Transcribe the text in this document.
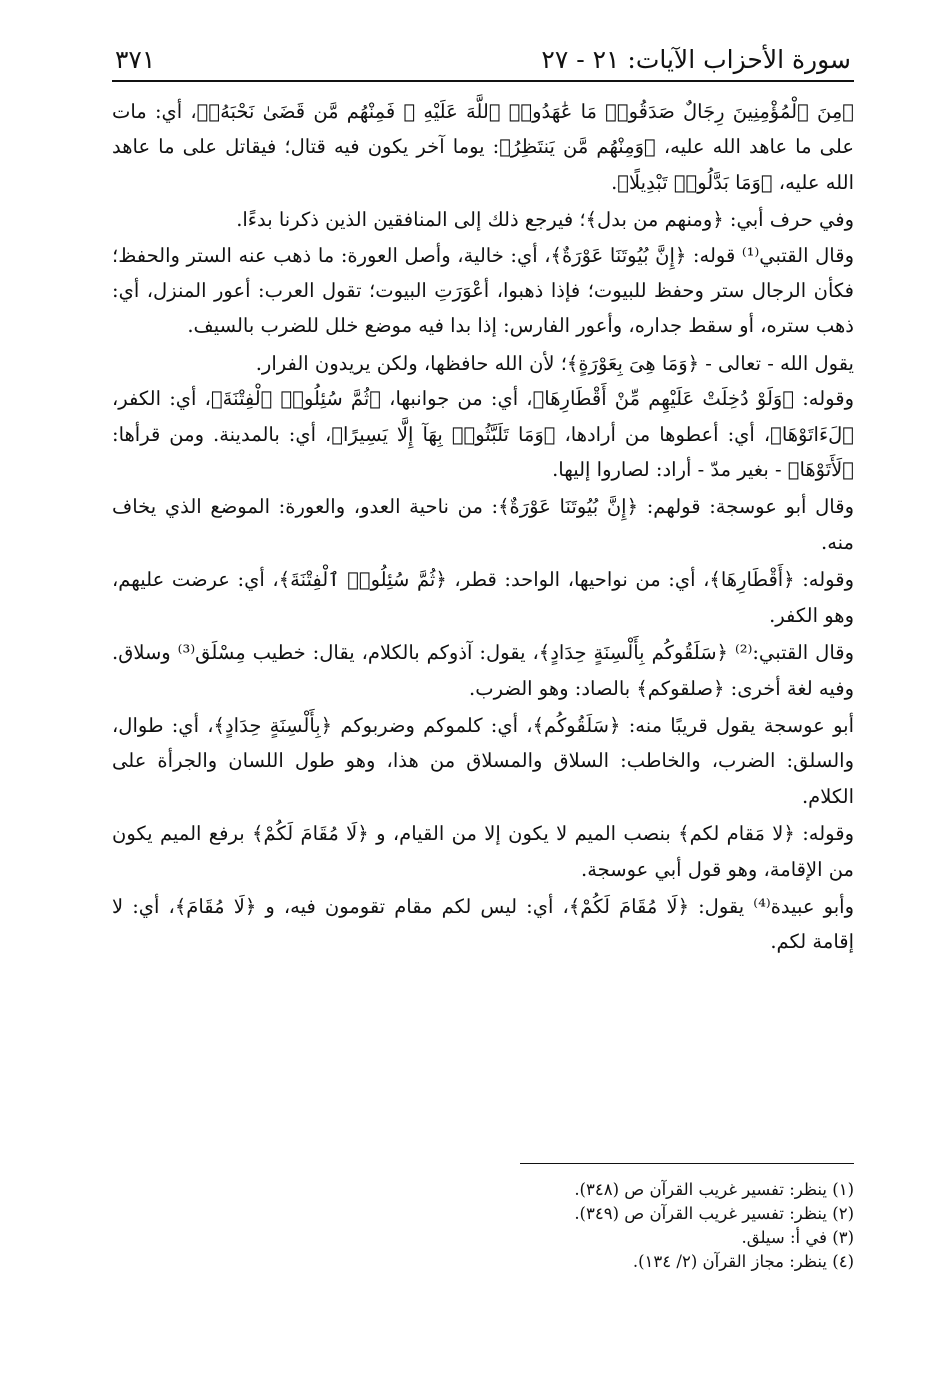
٣٧١	سورة الأحزاب الآيات: ٢١ - ٢٧

﴿مِنَ ٱلْمُؤْمِنِينَ رِجَالٌ صَدَقُوا۟ مَا عَٰهَدُوا۟ ٱللَّهَ عَلَيْهِ ۖ فَمِنْهُم مَّن قَضَىٰ نَحْبَهُۥ﴾، أي: مات على ما عاهد الله عليه، ﴿وَمِنْهُم مَّن يَنتَظِرُ﴾: يوما آخر يكون فيه قتال؛ فيقاتل على ما عاهد الله عليه، ﴿وَمَا بَدَّلُوا۟ تَبْدِيلًا﴾.

وفي حرف أبي: ﴿ومنهم من بدل﴾؛ فيرجع ذلك إلى المنافقين الذين ذكرنا بدءًا.

وقال القتبي⁽¹⁾ قوله: ﴿إِنَّ بُيُوتَنَا عَوْرَةٌ﴾، أي: خالية، وأصل العورة: ما ذهب عنه الستر والحفظ؛ فكأن الرجال ستر وحفظ للبيوت؛ فإذا ذهبوا، أعْوَرَتِ البيوت؛ تقول العرب: أعور المنزل، أي: ذهب ستره، أو سقط جداره، وأعور الفارس: إذا بدا فيه موضع خلل للضرب بالسيف.

يقول الله - تعالى - ﴿وَمَا هِىَ بِعَوْرَةٍ﴾؛ لأن الله حافظها، ولكن يريدون الفرار.

وقوله: ﴿وَلَوْ دُخِلَتْ عَلَيْهِم مِّنْ أَقْطَارِهَا﴾، أي: من جوانبها، ﴿ثُمَّ سُئِلُوا۟ ٱلْفِتْنَةَ﴾، أي: الكفر، ﴿لَءَاتَوْهَا﴾، أي: أعطوها من أرادها، ﴿وَمَا تَلَبَّثُوا۟ بِهَآ إِلَّا يَسِيرًا﴾، أي: بالمدينة. ومن قرأها: ﴿لَأَتَوْهَا﴾ - بغير مدّ - أراد: لصاروا إليها.

وقال أبو عوسجة: قولهم: ﴿إِنَّ بُيُوتَنَا عَوْرَةٌ﴾: من ناحية العدو، والعورة: الموضع الذي يخاف منه.

وقوله: ﴿أَقْطَارِهَا﴾، أي: من نواحيها، الواحد: قطر، ﴿ثُمَّ سُئِلُوا۟ ٱلْفِتْنَةَ﴾، أي: عرضت عليهم، وهو الكفر.

وقال القتبي:⁽²⁾ ﴿سَلَقُوكُم بِأَلْسِنَةٍ حِدَادٍ﴾، يقول: آذوكم بالكلام، يقال: خطيب مِسْلَق⁽³⁾ وسلاق. وفيه لغة أخرى: ﴿صلقوكم﴾ بالصاد: وهو الضرب.

أبو عوسجة يقول قريبًا منه: ﴿سَلَقُوكُم﴾، أي: كلموكم وضربوكم ﴿بِأَلْسِنَةٍ حِدَادٍ﴾، أي: طوال، والسلق: الضرب، والخاطب: السلاق والمسلاق من هذا، وهو طول اللسان والجرأة على الكلام.

وقوله: ﴿لا مَقام لكم﴾ بنصب الميم لا يكون إلا من القيام، و ﴿لَا مُقَامَ لَكُمْ﴾ برفع الميم يكون من الإقامة، وهو قول أبي عوسجة.

وأبو عبيدة⁽⁴⁾ يقول: ﴿لَا مُقَامَ لَكُمْ﴾، أي: ليس لكم مقام تقومون فيه، و ﴿لَا مُقَامَ﴾، أي: لا إقامة لكم.

(١) ينظر: تفسير غريب القرآن ص (٣٤٨).

(٢) ينظر: تفسير غريب القرآن ص (٣٤٩).

(٣) في أ: سيلق.

(٤) ينظر: مجاز القرآن (٢/ ١٣٤).
